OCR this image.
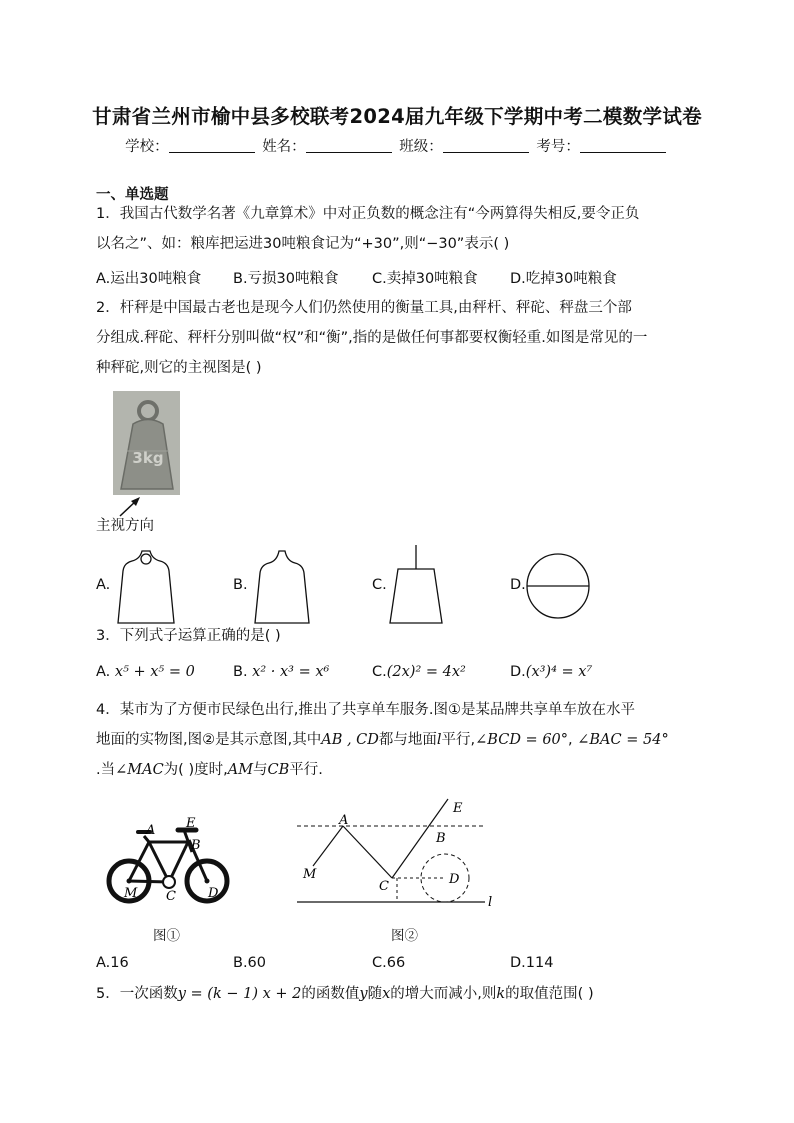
甘肃省兰州市榆中县多校联考2024届九年级下学期中考二模数学试卷
学校：	姓名：	班级：	考号：
一、单选题
1．我国古代数学名著《九章算术》中对正负数的概念注有“今两算得失相反,要令正负
以名之”、如：粮库把运进30吨粮食记为“+30”,则“−30”表示( )
A.运出30吨粮食 B.亏损30吨粮食 C.卖掉30吨粮食 D.吃掉30吨粮食
2．杆秤是中国最古老也是现今人们仍然使用的衡量工具,由秤杆、秤砣、秤盘三个部
分组成.秤砣、秤杆分别叫做“权”和“衡”,指的是做任何事都要权衡轻重.如图是常见的一
种秤砣,则它的主视图是( )
3kg
主视方向
A.	B.	C.	D.
3．下列式子运算正确的是( )
A. x⁵ + x⁵ = 0	B. x² · x³ = x⁶	C.(2x)² = 4x²	D.(x³)⁴ = x⁷
4．某市为了方便市民绿色出行,推出了共享单车服务.图①是某品牌共享单车放在水平
地面的实物图,图②是其示意图,其中AB , CD都与地面l平行,∠BCD = 60°, ∠BAC = 54°
.当∠MAC为( )度时,AM与CB平行.
A E
B
M C D
图①
A
E
B
M
C	D
l
图②
A.16	B.60	C.66	D.114
5．一次函数y = (k − 1) x + 2的函数值y随x的增大而减小,则k的取值范围( )
